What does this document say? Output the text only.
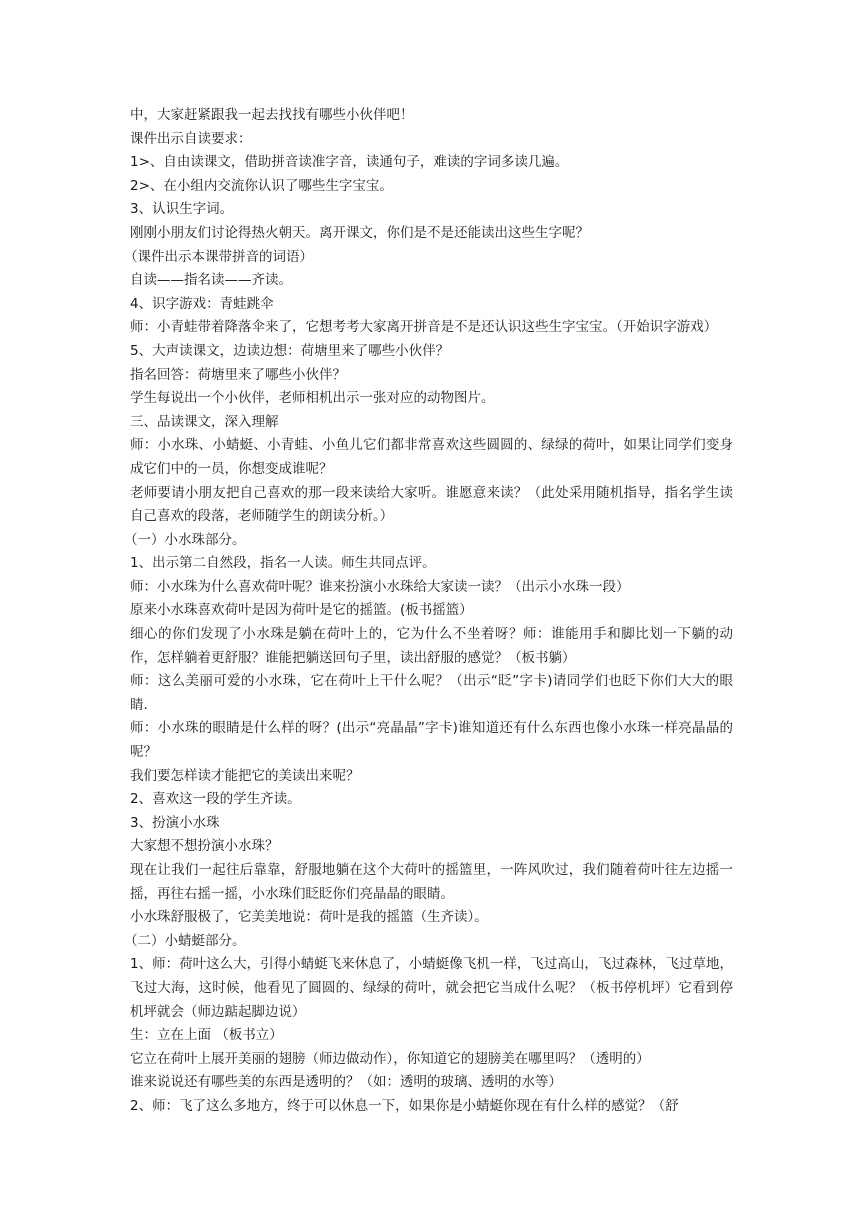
中，大家赶紧跟我一起去找找有哪些小伙伴吧！

课件出示自读要求：

1>、自由读课文，借助拼音读准字音，读通句子，难读的字词多读几遍。

2>、在小组内交流你认识了哪些生字宝宝。

3、认识生字词。

刚刚小朋友们讨论得热火朝天。离开课文，你们是不是还能读出这些生字呢？

（课件出示本课带拼音的词语）

自读——指名读——齐读。

4、识字游戏：青蛙跳伞

师：小青蛙带着降落伞来了，它想考考大家离开拼音是不是还认识这些生字宝宝。（开始识字游戏）

5、大声读课文，边读边想：荷塘里来了哪些小伙伴？

指名回答：荷塘里来了哪些小伙伴？

学生每说出一个小伙伴，老师相机出示一张对应的动物图片。

三、品读课文，深入理解

师：小水珠、小蜻蜓、小青蛙、小鱼儿它们都非常喜欢这些圆圆的、绿绿的荷叶，如果让同学们变身成它们中的一员，你想变成谁呢？

老师要请小朋友把自己喜欢的那一段来读给大家听。谁愿意来读？（此处采用随机指导，指名学生读自己喜欢的段落，老师随学生的朗读分析。）

（一）小水珠部分。

1、出示第二自然段，指名一人读。师生共同点评。

师：小水珠为什么喜欢荷叶呢？谁来扮演小水珠给大家读一读？（出示小水珠一段）

原来小水珠喜欢荷叶是因为荷叶是它的摇篮。(板书摇篮）

细心的你们发现了小水珠是躺在荷叶上的，它为什么不坐着呀？师：谁能用手和脚比划一下躺的动作，怎样躺着更舒服？谁能把躺送回句子里，读出舒服的感觉？（板书躺）

师：这么美丽可爱的小水珠，它在荷叶上干什么呢？（出示“眨”字卡)请同学们也眨下你们大大的眼睛.

师：小水珠的眼睛是什么样的呀？(出示“亮晶晶”字卡)谁知道还有什么东西也像小水珠一样亮晶晶的呢？

我们要怎样读才能把它的美读出来呢？

2、喜欢这一段的学生齐读。

3、扮演小水珠

大家想不想扮演小水珠？

现在让我们一起往后靠靠，舒服地躺在这个大荷叶的摇篮里，一阵风吹过，我们随着荷叶往左边摇一摇，再往右摇一摇，小水珠们眨眨你们亮晶晶的眼睛。

小水珠舒服极了，它美美地说：荷叶是我的摇篮（生齐读）。

（二）小蜻蜓部分。

1、师：荷叶这么大，引得小蜻蜓飞来休息了，小蜻蜓像飞机一样，飞过高山，飞过森林，飞过草地，飞过大海，这时候，他看见了圆圆的、绿绿的荷叶，就会把它当成什么呢？（板书停机坪）它看到停机坪就会（师边踮起脚边说）

生：立在上面 （板书立）

它立在荷叶上展开美丽的翅膀（师边做动作），你知道它的翅膀美在哪里吗？（透明的）

谁来说说还有哪些美的东西是透明的？（如：透明的玻璃、透明的水等）

2、师：飞了这么多地方，终于可以休息一下，如果你是小蜻蜓你现在有什么样的感觉？（舒
